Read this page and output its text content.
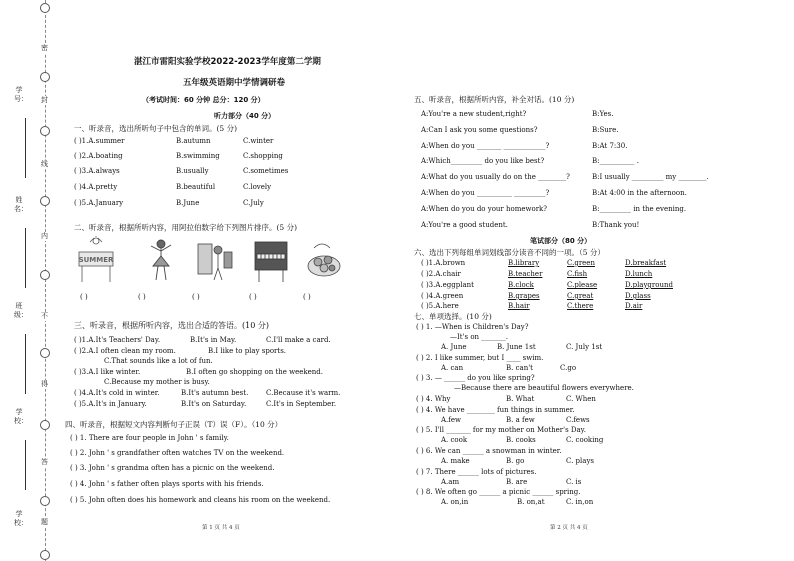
密
封
线
内
不
得
答
题
学号：
姓名：
班级：
学校：
学校：
湛江市雷阳实验学校2022-2023学年度第二学期
五年级英语期中学情调研卷
（考试时间：60 分钟 总分：120 分）
听力部分（40 分）
一、听录音，选出所听句子中包含的单词。(5 分)
( )1.A.summer	B.autumn	C.winter
( )2.A.boating	B.swimming	C.shopping
( )3.A.always	B.usually	C.sometimes
( )4.A.pretty	B.beautiful	C.lovely
( )5.A.January	B.June	C.July
二、听录音，根据所听内容，用阿拉伯数字给下列图片排序。(5 分)
SUMMER
( )	( )	( )	( )	( )
三、听录音，根据所听内容，选出合适的答语。(10 分)
( )1.A.It's Teachers' Day.	B.It's in May.	C.I'll make a card.
( )2.A.I often clean my room.	B.I like to play sports.
C.That sounds like a lot of fun.
( )3.A.I like winter.	B.I often go shopping on the weekend.
C.Because my mother is busy.
( )4.A.It's cold in winter.	B.It's autumn best.	C.Because it's warm.
( )5.A.It's in January.	B.It's on Saturday.	C.It's in September.
四、听录音，根据短文内容判断句子正误（T）误（F）。（10 分）
( ) 1. There are four people in John ' s family.
( ) 2. John ' s grandfather often watches TV on the weekend.
( ) 3. John ' s grandma often has a picnic on the weekend.
( ) 4. John ' s father often plays sports with his friends.
( ) 5. John often does his homework and cleans his room on the weekend.
第 1 页 共 4 页
五、听录音，根据所听内容，补全对话。(10 分)
A:You're a new student,right?	B:Yes.
A:Can I ask you some questions?	B:Sure.
A:When do you _______ ____________?	B:At 7:30.
A:Which_________ do you like best?	B:__________ .
A:What do you usually do on the ________?	B:I usually _________ my ________.
A:When do you __________ _________?	B:At 4:00 in the afternoon.
A:When do you do your homework?	B:_________ in the evening.
A:You're a good student.	B:Thank you!
笔试部分（80 分）
六、选出下列每组单词划线部分读音不同的一项。（5 分）
( )1.A.brown	B.library	C.green	D.breakfast
( )2.A.chair	B.teacher	C.fish	D.lunch
( )3.A.eggplant	B.clock	C.please	D.playground
( )4.A.green	B.grapes	C.great	D.glass
( )5.A.here	B.hair	C.there	D.air
七、单项选择。(10 分)
( ) 1. —When is Children's Day?
—It's on _______.
A. June	B. June 1st	C. July 1st
( ) 2. I like summer, but I ____ swim.
A. can	B. can't	C.go
( ) 3. — ______ do you like spring?
—Because there are beautiful flowers everywhere.
( ) 4. Why	B. What	C. When
( ) 4. We have ________ fun things in summer.
A.few	B. a few	C.fews
( ) 5. I'll _______ for my mother on Mother's Day.
A. cook	B. cooks	C. cooking
( ) 6. We can ______ a snowman in winter.
A. make	B. go	C. plays
( ) 7. There ______ lots of pictures.
A.am	B. are	C. is
( ) 8. We often go ______ a picnic ______ spring.
A. on,in	B. on,at	C. in,on
第 2 页 共 4 页
